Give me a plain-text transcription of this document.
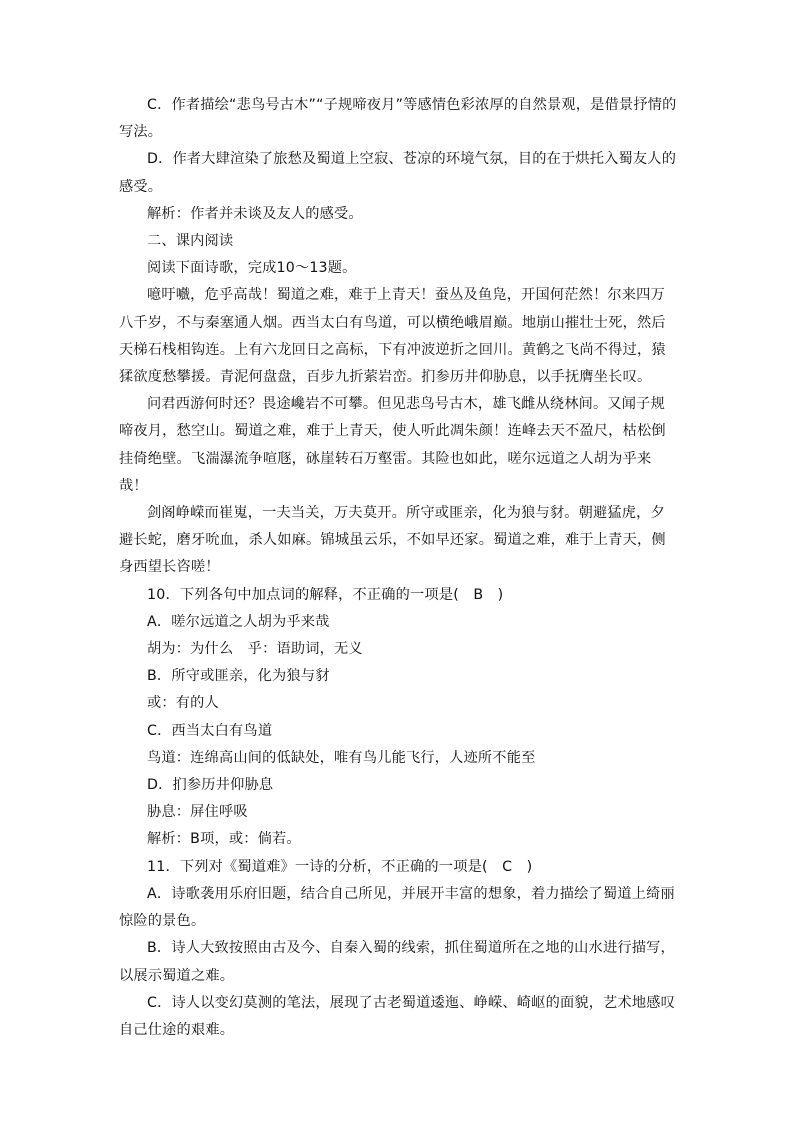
C．作者描绘“悲鸟号古木”“子规啼夜月”等感情色彩浓厚的自然景观，是借景抒情的写法。

D．作者大肆渲染了旅愁及蜀道上空寂、苍凉的环境气氛，目的在于烘托入蜀友人的感受。

解析：作者并未谈及友人的感受。

二、课内阅读

阅读下面诗歌，完成10～13题。

噫吁嚱，危乎高哉！蜀道之难，难于上青天！蚕丛及鱼凫，开国何茫然！尔来四万八千岁，不与秦塞通人烟。西当太白有鸟道，可以横绝峨眉巅。地崩山摧壮士死，然后天梯石栈相钩连。上有六龙回日之高标，下有冲波逆折之回川。黄鹤之飞尚不得过，猿猱欲度愁攀援。青泥何盘盘，百步九折萦岩峦。扪参历井仰胁息，以手抚膺坐长叹。

问君西游何时还？畏途巉岩不可攀。但见悲鸟号古木，雄飞雌从绕林间。又闻子规啼夜月，愁空山。蜀道之难，难于上青天，使人听此凋朱颜！连峰去天不盈尺，枯松倒挂倚绝壁。飞湍瀑流争喧豗，砯崖转石万壑雷。其险也如此，嗟尔远道之人胡为乎来哉！

剑阁峥嵘而崔嵬，一夫当关，万夫莫开。所守或匪亲，化为狼与豺。朝避猛虎，夕避长蛇，磨牙吮血，杀人如麻。锦城虽云乐，不如早还家。蜀道之难，难于上青天，侧身西望长咨嗟！

10．下列各句中加点词的解释，不正确的一项是(　B　)

A．嗟尔远道之人胡为乎来哉

胡为：为什么　乎：语助词，无义

B．所守或匪亲，化为狼与豺

或：有的人

C．西当太白有鸟道

鸟道：连绵高山间的低缺处，唯有鸟儿能飞行，人迹所不能至

D．扪参历井仰胁息

胁息：屏住呼吸

解析：B项，或：倘若。

11．下列对《蜀道难》一诗的分析，不正确的一项是(　C　)

A．诗歌袭用乐府旧题，结合自己所见，并展开丰富的想象，着力描绘了蜀道上绮丽惊险的景色。

B．诗人大致按照由古及今、自秦入蜀的线索，抓住蜀道所在之地的山水进行描写，以展示蜀道之难。

C．诗人以变幻莫测的笔法，展现了古老蜀道逶迤、峥嵘、崎岖的面貌，艺术地感叹自己仕途的艰难。
